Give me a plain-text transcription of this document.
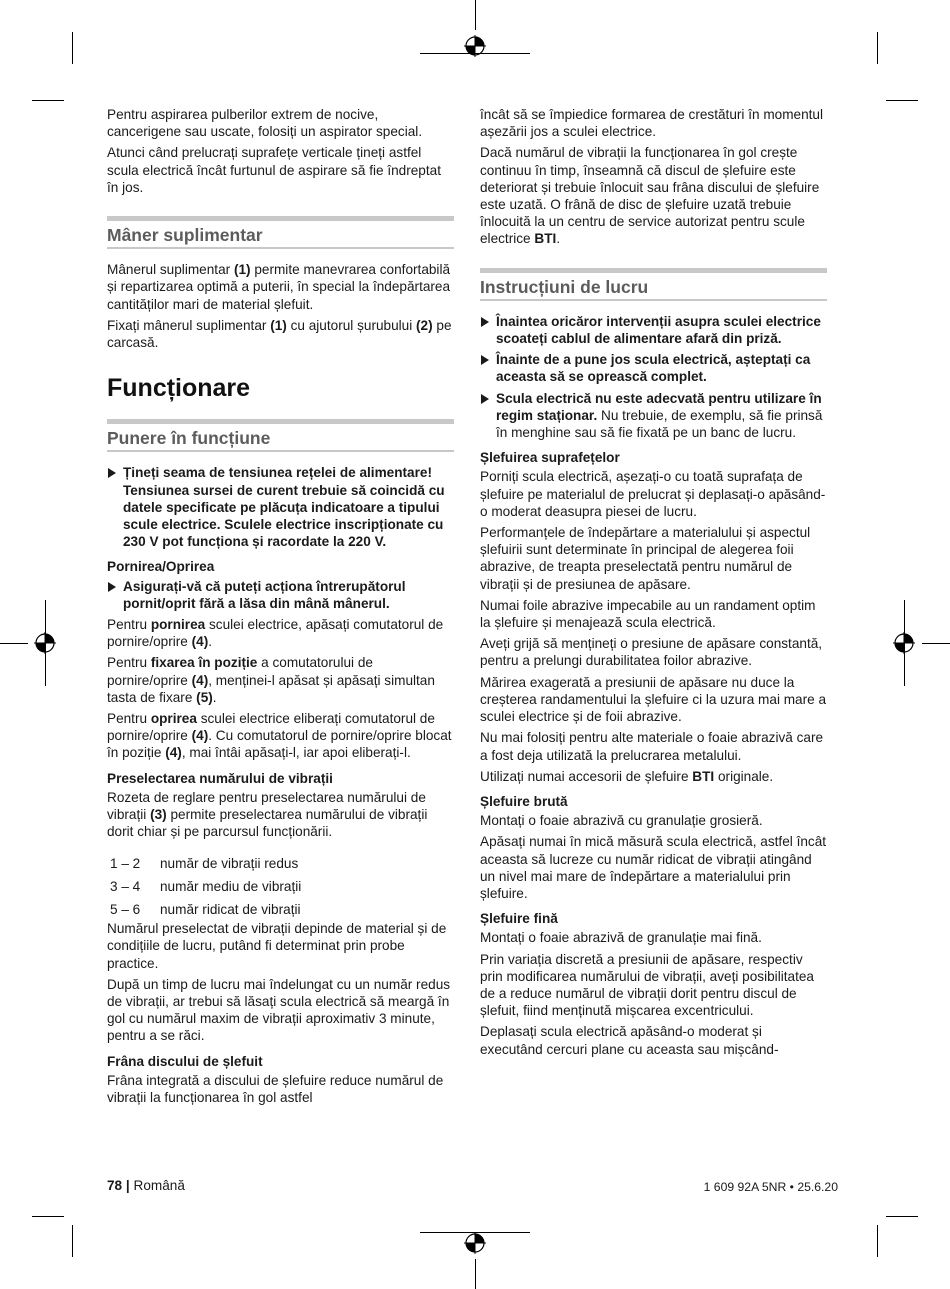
Pentru aspirarea pulberilor extrem de nocive, cancerigene sau uscate, folosiți un aspirator special.

Atunci când prelucrați suprafețe verticale țineți astfel scula electrică încât furtunul de aspirare să fie îndreptat în jos.

Mâner suplimentar

Mânerul suplimentar (1) permite manevrarea confortabilă și repartizarea optimă a puterii, în special la îndepărtarea cantităților mari de material șlefuit.

Fixați mânerul suplimentar (1) cu ajutorul șurubului (2) pe carcasă.

Funcționare
Punere în funcțiune
Țineți seama de tensiunea rețelei de alimentare! Tensiunea sursei de curent trebuie să coincidă cu datele specificate pe plăcuța indicatoare a tipului scule electrice. Sculele electrice inscripționate cu 230 V pot funcționa și racordate la 220 V.
Pornirea/Oprirea
Asigurați-vă că puteți acționa întrerupătorul pornit/oprit fără a lăsa din mână mânerul.

Pentru pornirea sculei electrice, apăsați comutatorul de pornire/oprire (4).

Pentru fixarea în poziție a comutatorului de pornire/oprire (4), menținei-l apăsat și apăsați simultan tasta de fixare (5).

Pentru oprirea sculei electrice eliberați comutatorul de pornire/oprire (4). Cu comutatorul de pornire/oprire blocat în poziție (4), mai întâi apăsați-l, iar apoi eliberați-l.

Preselectarea numărului de vibrații

Rozeta de reglare pentru preselectarea numărului de vibrații (3) permite preselectarea numărului de vibrații dorit chiar și pe parcursul funcționării.

1 – 2	număr de vibrații redus
3 – 4	număr mediu de vibrații
5 – 6	număr ridicat de vibrații

Numărul preselectat de vibrații depinde de material și de condițiile de lucru, putând fi determinat prin probe practice.

După un timp de lucru mai îndelungat cu un număr redus de vibrații, ar trebui să lăsați scula electrică să meargă în gol cu numărul maxim de vibrații aproximativ 3 minute, pentru a se răci.

Frâna discului de șlefuit

Frâna integrată a discului de șlefuire reduce numărul de vibrații la funcționarea în gol astfel

încât să se împiedice formarea de crestături în momentul așezării jos a sculei electrice.

Dacă numărul de vibrații la funcționarea în gol crește continuu în timp, înseamnă că discul de șlefuire este deteriorat și trebuie înlocuit sau frâna discului de șlefuire este uzată. O frână de disc de șlefuire uzată trebuie înlocuită la un centru de service autorizat pentru scule electrice BTI.

Instrucțiuni de lucru
Înaintea oricăror intervenții asupra sculei electrice scoateți cablul de alimentare afară din priză.
Înainte de a pune jos scula electrică, așteptați ca aceasta să se oprească complet.
Scula electrică nu este adecvată pentru utilizare în regim staționar. Nu trebuie, de exemplu, să fie prinsă în menghine sau să fie fixată pe un banc de lucru.
Șlefuirea suprafețelor

Porniți scula electrică, așezați-o cu toată suprafața de șlefuire pe materialul de prelucrat și deplasați-o apăsând-o moderat deasupra piesei de lucru.

Performanțele de îndepărtare a materialului și aspectul șlefuirii sunt determinate în principal de alegerea foii abrazive, de treapta preselectată pentru numărul de vibrații și de presiunea de apăsare.

Numai foile abrazive impecabile au un randament optim la șlefuire și menajează scula electrică.

Aveți grijă să mențineți o presiune de apăsare constantă, pentru a prelungi durabilitatea foilor abrazive.

Mărirea exagerată a presiunii de apăsare nu duce la creșterea randamentului la șlefuire ci la uzura mai mare a sculei electrice și de foii abrazive.

Nu mai folosiți pentru alte materiale o foaie abrazivă care a fost deja utilizată la prelucrarea metalului.

Utilizați numai accesorii de șlefuire BTI originale.

Șlefuire brută

Montați o foaie abrazivă cu granulație grosieră.

Apăsați numai în mică măsură scula electrică, astfel încât aceasta să lucreze cu număr ridicat de vibrații atingând un nivel mai mare de îndepărtare a materialului prin șlefuire.

Șlefuire fină

Montați o foaie abrazivă de granulație mai fină.

Prin variația discretă a presiunii de apăsare, respectiv prin modificarea numărului de vibrații, aveți posibilitatea de a reduce numărul de vibrații dorit pentru discul de șlefuit, fiind menținută mișcarea excentricului.

Deplasați scula electrică apăsând-o moderat și executând cercuri plane cu aceasta sau mișcând-

78 | Română	1 609 92A 5NR • 25.6.20
